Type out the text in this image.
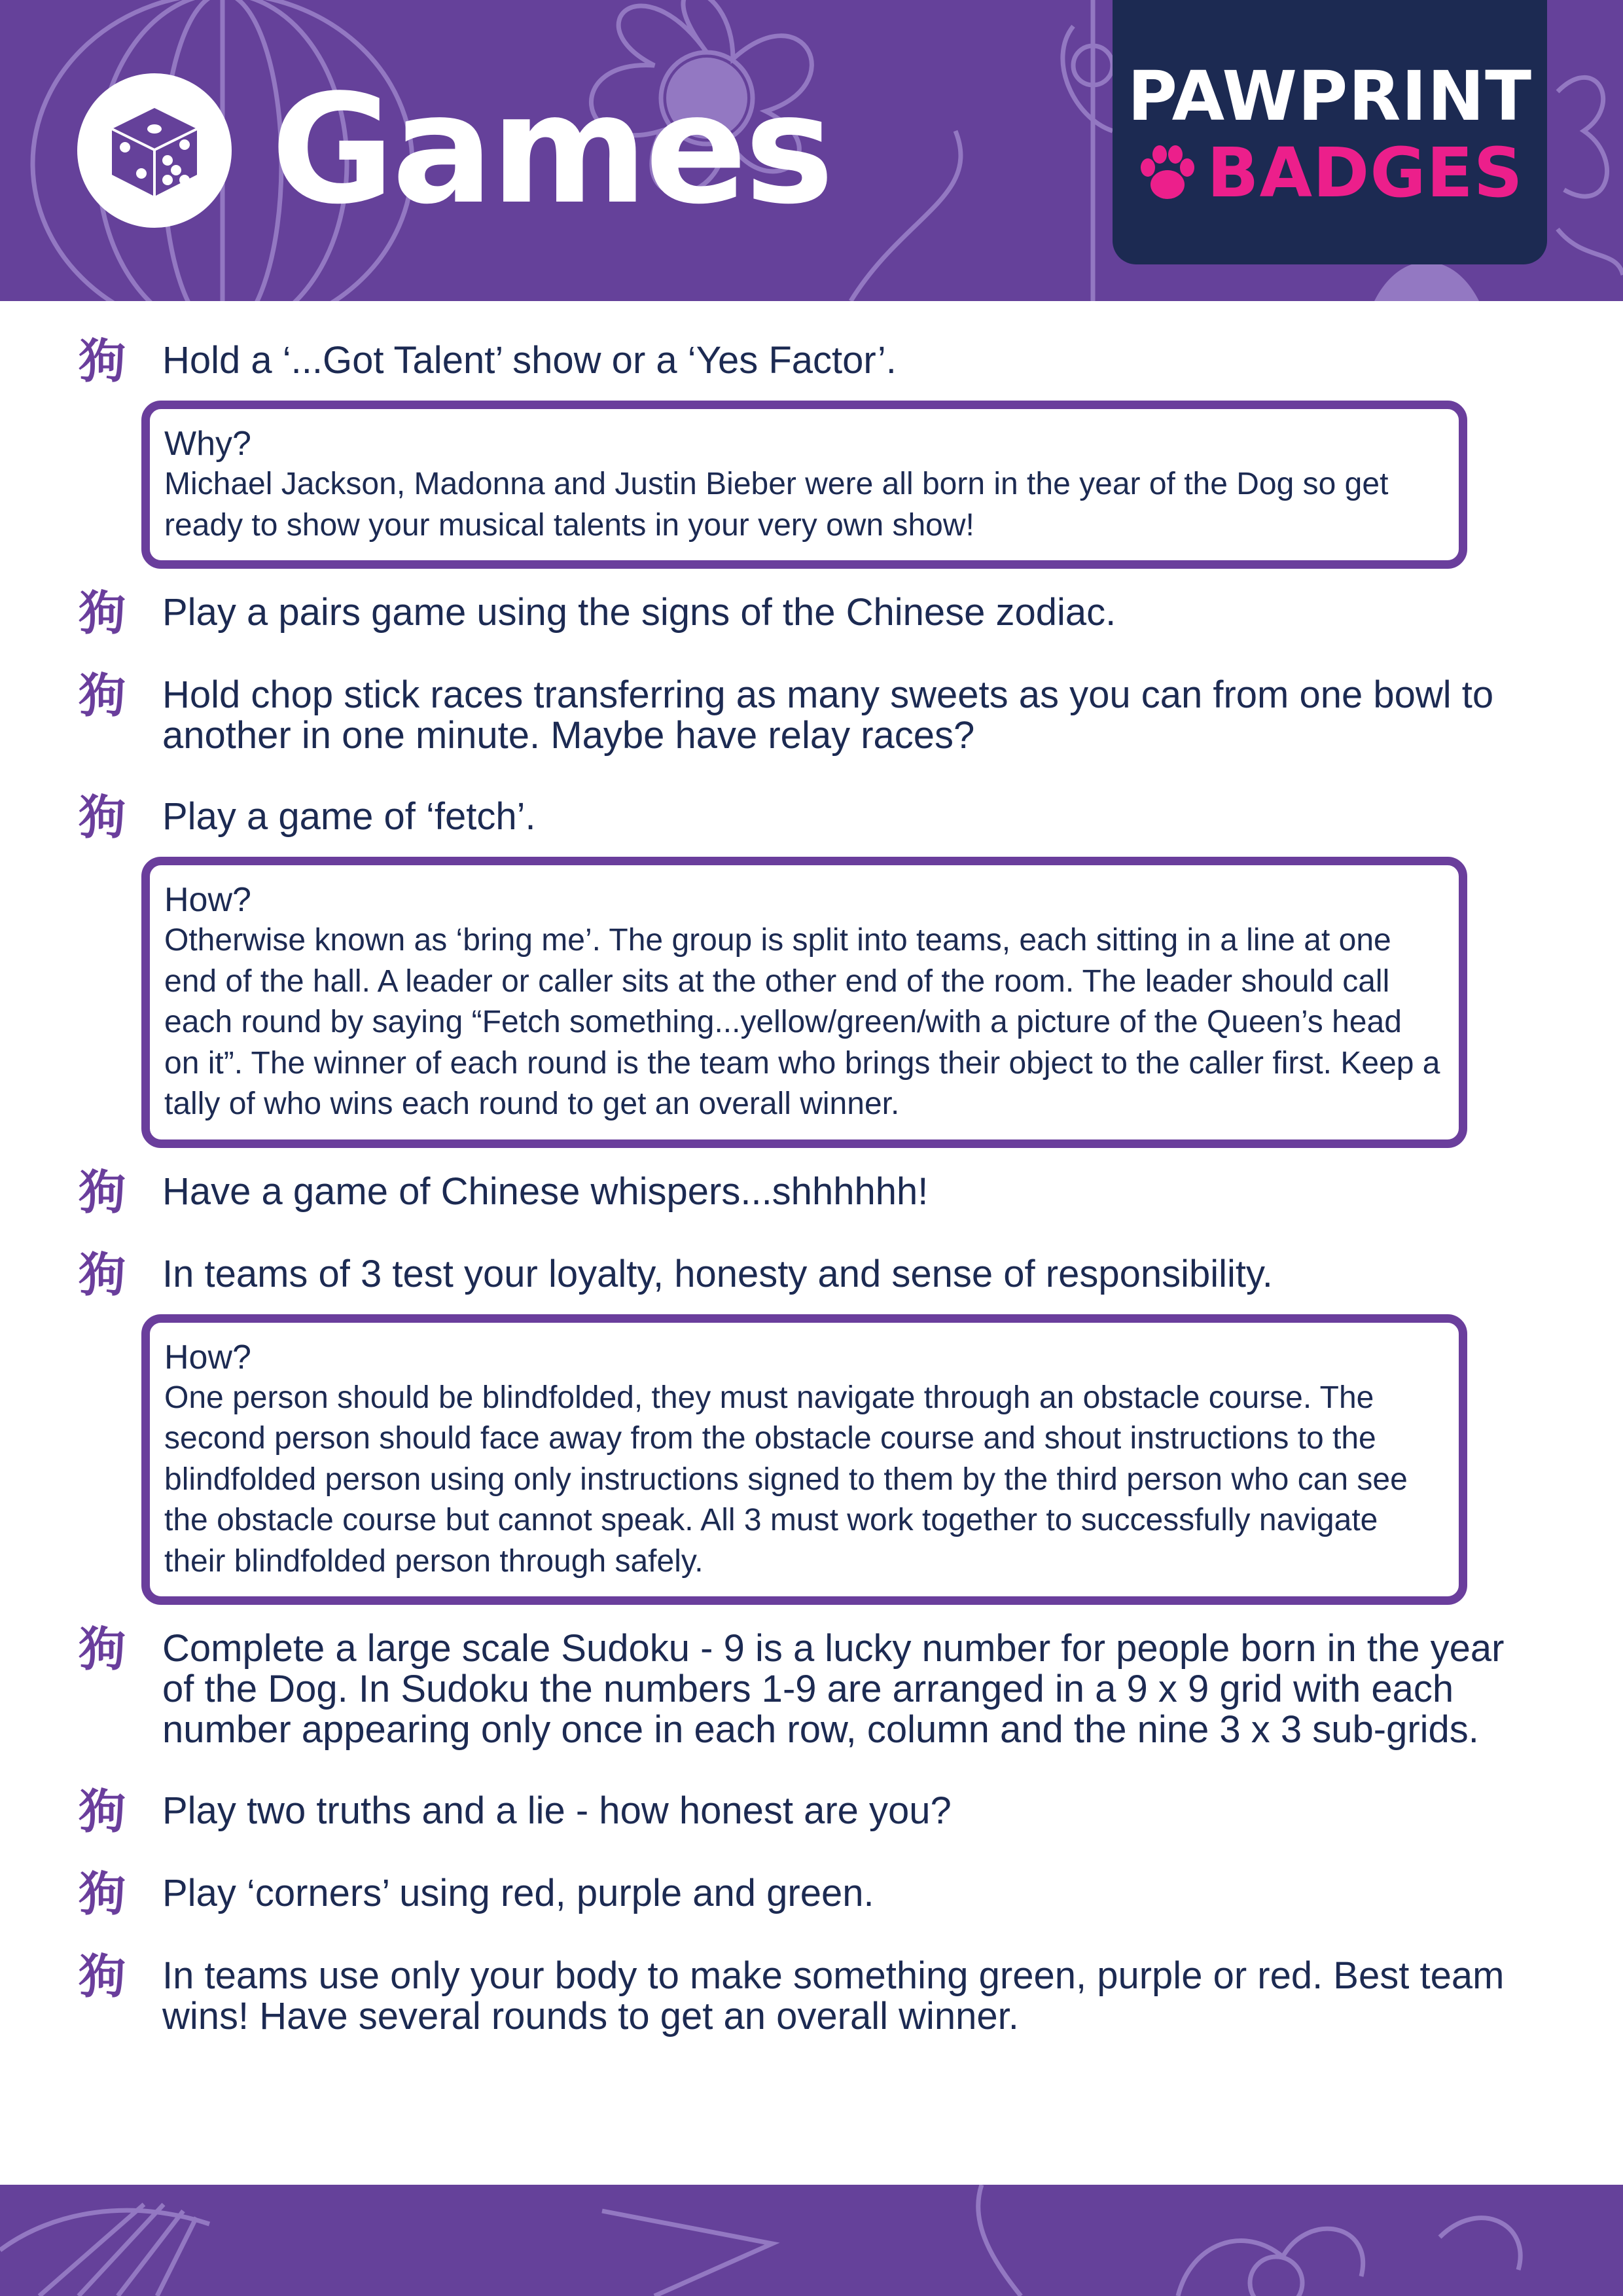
Games	PAWPRINT
BADGES
狗 Hold a ‘...Got Talent’ show or a ‘Yes Factor’.
Why?
Michael Jackson, Madonna and Justin Bieber were all born in the year of the Dog so get ready to show your musical talents in your very own show!
狗 Play a pairs game using the signs of the Chinese zodiac.
狗 Hold chop stick races transferring as many sweets as you can from one bowl to another in one minute. Maybe have relay races?
狗 Play a game of ‘fetch’.
How?
Otherwise known as ‘bring me’. The group is split into teams, each sitting in a line at one end of the hall. A leader or caller sits at the other end of the room. The leader should call each round by saying “Fetch something...yellow/green/with a picture of the Queen’s head on it”. The winner of each round is the team who brings their object to the caller first. Keep a tally of who wins each round to get an overall winner.
狗 Have a game of Chinese whispers...shhhhhh!
狗 In teams of 3 test your loyalty, honesty and sense of responsibility.
How?
One person should be blindfolded, they must navigate through an obstacle course. The second person should face away from the obstacle course and shout instructions to the blindfolded person using only instructions signed to them by the third person who can see the obstacle course but cannot speak. All 3 must work together to successfully navigate their blindfolded person through safely.
狗 Complete a large scale Sudoku - 9 is a lucky number for people born in the year of the Dog. In Sudoku the numbers 1-9 are arranged in a 9 x 9 grid with each number appearing only once in each row, column and the nine 3 x 3 sub-grids.
狗 Play two truths and a lie - how honest are you?
狗 Play ‘corners’ using red, purple and green.
狗 In teams use only your body to make something green, purple or red. Best team wins! Have several rounds to get an overall winner.
